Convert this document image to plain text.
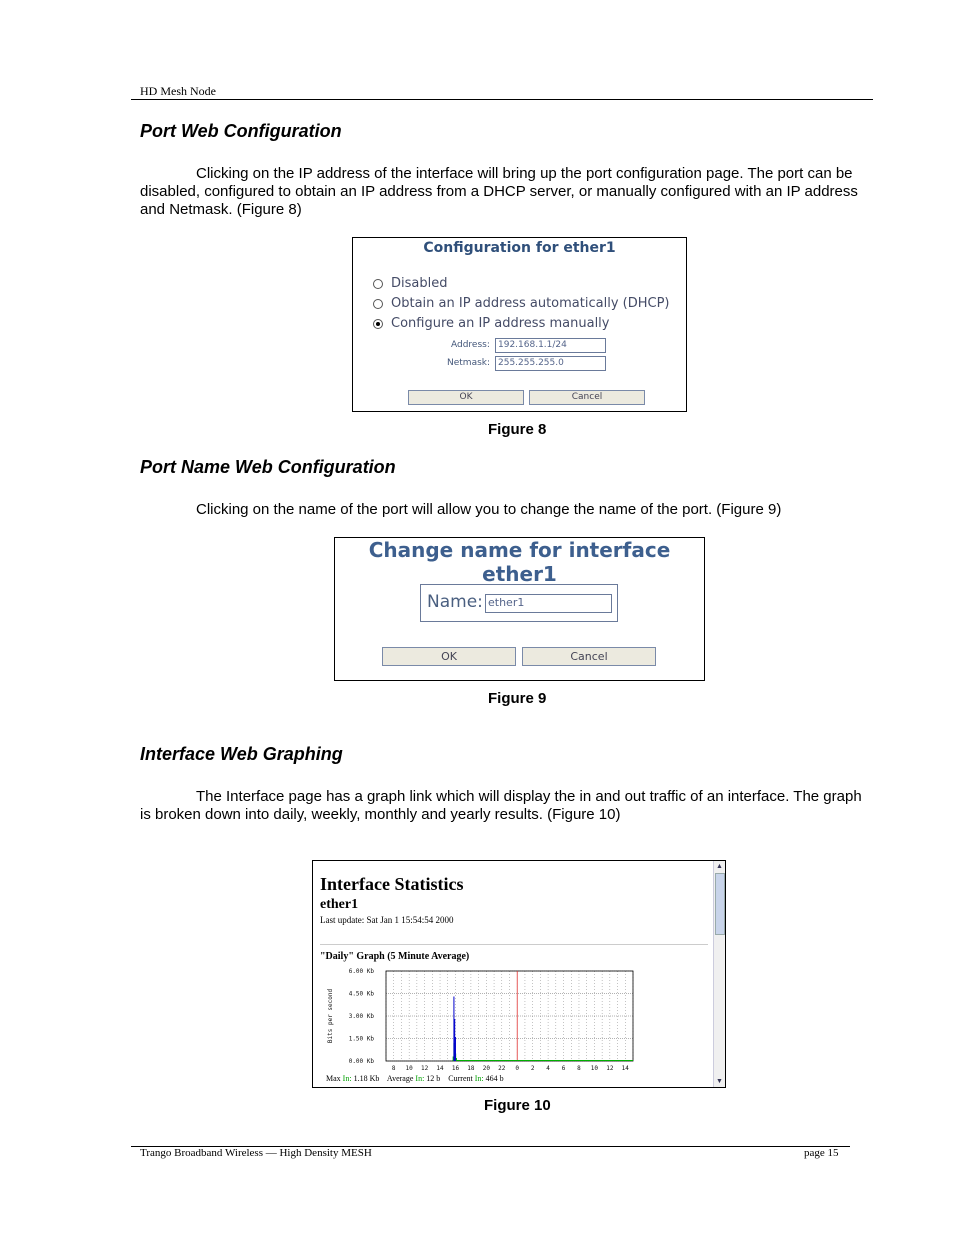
HD Mesh Node
Port Web Configuration
Clicking on the IP address of the interface will bring up the port configuration page. The port can be
disabled, configured to obtain an IP address from a DHCP server, or manually configured with an IP address
and Netmask. (Figure 8)
Configuration for ether1
Disabled
Obtain an IP address automatically (DHCP)
Configure an IP address manually
Address: 192.168.1.1/24
Netmask: 255.255.255.0
OK	Cancel
Figure 8
Port Name Web Configuration
Clicking on the name of the port will allow you to change the name of the port. (Figure 9)
Change name for interface ether1
Name: ether1
OK	Cancel
Figure 9
Interface Web Graphing
The Interface page has a graph link which will display the in and out traffic of an interface. The graph
is broken down into daily, weekly, monthly and yearly results. (Figure 10)
Interface Statistics
ether1
Last update: Sat Jan 1 15:54:54 2000
"Daily" Graph (5 Minute Average)
0.00 Kb
1.50 Kb
3.00 Kb
4.50 Kb
6.00 Kb
8 10 12 14 16 18 20 22 0 2 4 6 8 10 12 14
Bits per second
Max In: 1.18 Kb Average In: 12 b Current In: 464 b
▲
▼
Figure 10
Trango Broadband Wireless — High Density MESH	page 15
